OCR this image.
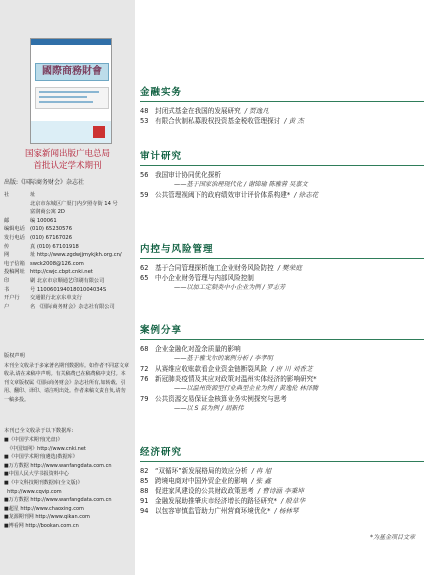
國際商務財會
国家新闻出版广电总局
首批认定学术期刊
出版:《国际商务财会》杂志社
社	址
北京市东城区广渠门内夕照寺街 14 号
富润商公寓 2D
邮	编 100061
编辑电话	(010) 65230576
发行电话	(010) 67167026
传	真 (010) 67101918
网	址 http://www.zgdwjjmykjkh.org.cn/
电子信箱	swck2008@126.com
投稿网址	http://cwjc.cbpt.cnki.net
印	刷 北京市京顺通艺印刷有限公司
书	号 11006019401801004034S
开户行	交通银行北京东单支行
户	名 《国际商务财会》杂志社有限公司
版权声明
本刊全文收录于多家著名期刊数据库。如作者不同意文章收录,请在来稿中声明。有关稿费已在稿费稿中支付。本刊文章版权属《国际商务财会》杂志社所有,如转载、引用、翻印、译印、请注明出处。作者来稿文责自负,请勿一稿多投。
本刊已全文收录于以下数据库:
■《中国学术期刊(光盘)》
《中国知网》http://www.cnki.net
■《中国学术期刊(遴选)数据库》
■万方数据 http://www.wanfangdata.com.cn
■中国人民大学书报资料中心
■《中文科技期刊数据库(全文版)》
http://www.cqvip.com
■万方数据 http://www.wanfangdata.com.cn
■超星 http://www.chaoxing.com
■龙源期刊网 http://www.qikan.com
■博看网 http://bookan.com.cn
金融实务
48	封闭式基金在我国的发展研究 / 贾逸凡
53	有限合伙制私募股权投资基金税收管理探讨 / 黄 杰
审计研究
56	我国审计协同优化探析
——基于国家治理现代化 / 谢锦瑜 陈雅蓉 吴嘉文
59	公共管理视阈下的政府绩效审计评价体系构建* / 徐志花
内控与风险管理
62	基于合同管理探析施工企业财务风险防控 / 樊荣庭
65	中小企业财务管理与内部风险控制
——以加工定制类中小企业为例 / 罗志芳
案例分享
68	企业金融化对盈余质量的影响
——基于雅戈尔的案例分析 / 李孝明
72	从赛维应收账款看企业资金链断裂风险 / 唐 川 刘香芝
76	新冠肺炎疫情及其应对政策对温州实体经济的影响研究*
——以温州资源型行业典型企业为例 / 黄逸伦 林泽腾
79	公共资源交易保证金核算业务实例探究与思考
——以 S 县为例 / 胡新伟
经济研究
82	“双循环”新发展格局的效应分析 / 冉 旭
85	跨境电商对中国外贸企业的影响 / 张 鑫
88	促进家风建设的公共财政政策思考 / 曹诗涵 李秉坤
91	金融发展助推肇庆市经济增长的路径研究* / 殷草华
94	以包容审慎监管助力广州营商环境优化* / 杨林琴
*为基金项目文章
